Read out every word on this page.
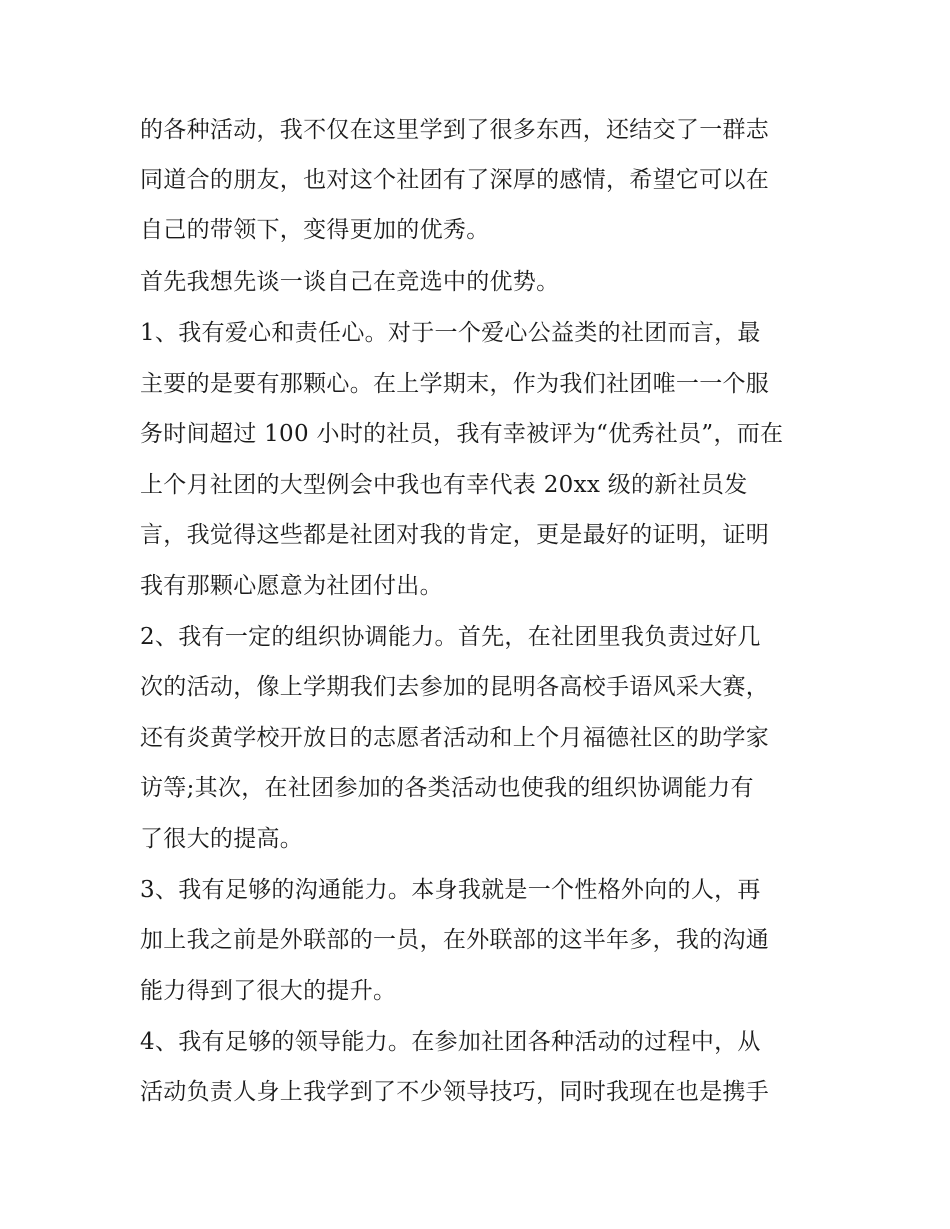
的各种活动，我不仅在这里学到了很多东西，还结交了一群志
同道合的朋友，也对这个社团有了深厚的感情，希望它可以在
自己的带领下，变得更加的优秀。
首先我想先谈一谈自己在竞选中的优势。
1、我有爱心和责任心。对于一个爱心公益类的社团而言，最
主要的是要有那颗心。在上学期末，作为我们社团唯一一个服
务时间超过 100 小时的社员，我有幸被评为“优秀社员”，而在
上个月社团的大型例会中我也有幸代表 20xx 级的新社员发
言，我觉得这些都是社团对我的肯定，更是最好的证明，证明
我有那颗心愿意为社团付出。
2、我有一定的组织协调能力。首先，在社团里我负责过好几
次的活动，像上学期我们去参加的昆明各高校手语风采大赛，
还有炎黄学校开放日的志愿者活动和上个月福德社区的助学家
访等;其次，在社团参加的各类活动也使我的组织协调能力有
了很大的提高。
3、我有足够的沟通能力。本身我就是一个性格外向的人，再
加上我之前是外联部的一员，在外联部的这半年多，我的沟通
能力得到了很大的提升。
4、我有足够的领导能力。在参加社团各种活动的过程中，从
活动负责人身上我学到了不少领导技巧，同时我现在也是携手
